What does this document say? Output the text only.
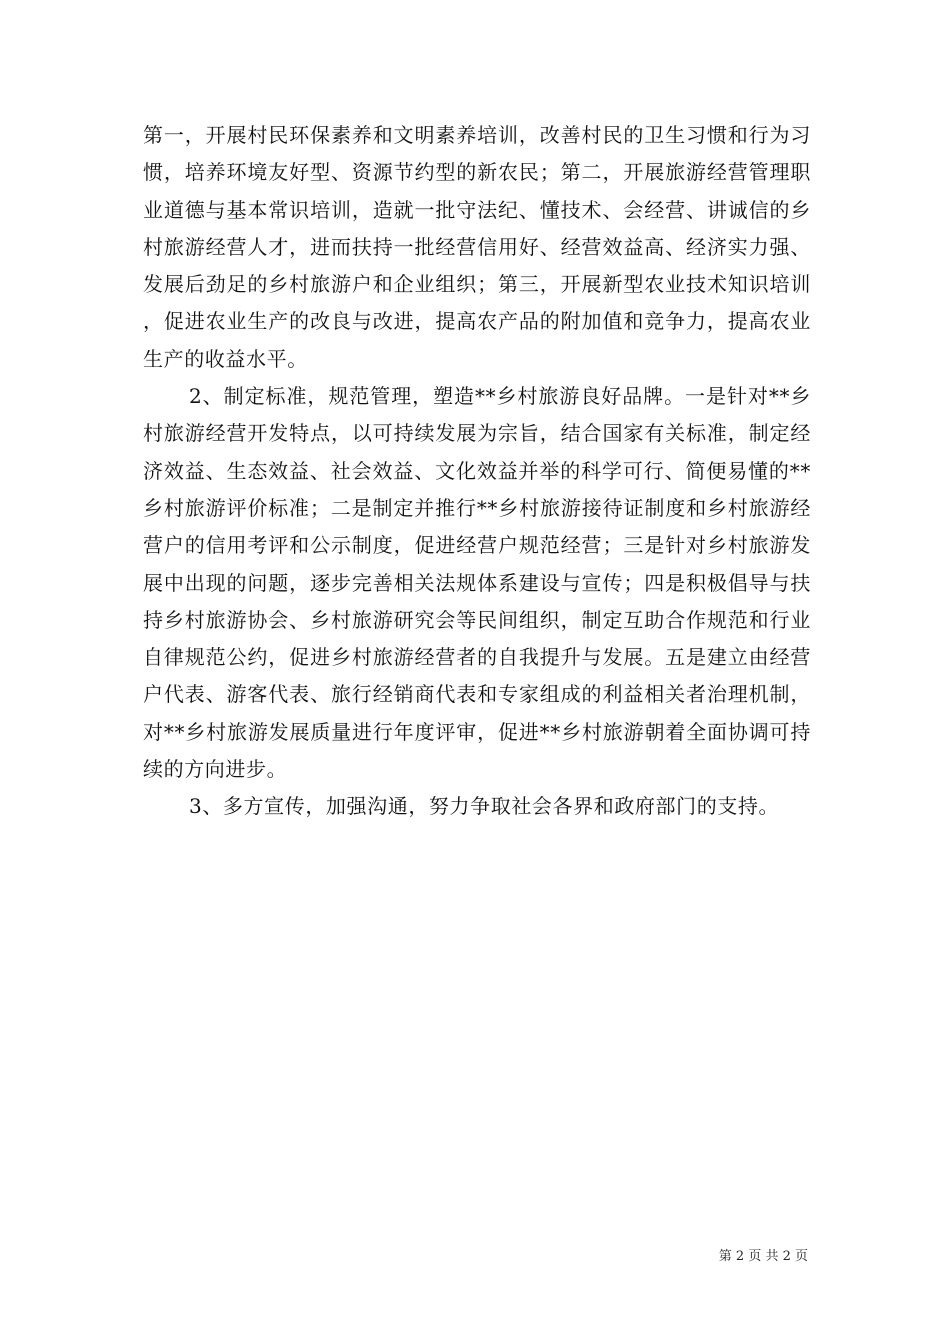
第一，开展村民环保素养和文明素养培训，改善村民的卫生习惯和行为习惯，培养环境友好型、资源节约型的新农民；第二，开展旅游经营管理职业道德与基本常识培训，造就一批守法纪、懂技术、会经营、讲诚信的乡村旅游经营人才，进而扶持一批经营信用好、经营效益高、经济实力强、发展后劲足的乡村旅游户和企业组织；第三，开展新型农业技术知识培训，促进农业生产的改良与改进，提高农产品的附加值和竞争力，提高农业生产的收益水平。

2、制定标准，规范管理，塑造**乡村旅游良好品牌。一是针对**乡村旅游经营开发特点，以可持续发展为宗旨，结合国家有关标准，制定经济效益、生态效益、社会效益、文化效益并举的科学可行、简便易懂的**乡村旅游评价标准；二是制定并推行**乡村旅游接待证制度和乡村旅游经营户的信用考评和公示制度，促进经营户规范经营；三是针对乡村旅游发展中出现的问题，逐步完善相关法规体系建设与宣传；四是积极倡导与扶持乡村旅游协会、乡村旅游研究会等民间组织，制定互助合作规范和行业自律规范公约，促进乡村旅游经营者的自我提升与发展。五是建立由经营户代表、游客代表、旅行经销商代表和专家组成的利益相关者治理机制，对**乡村旅游发展质量进行年度评审，促进**乡村旅游朝着全面协调可持续的方向进步。

3、多方宣传，加强沟通，努力争取社会各界和政府部门的支持。

第 2 页 共 2 页
